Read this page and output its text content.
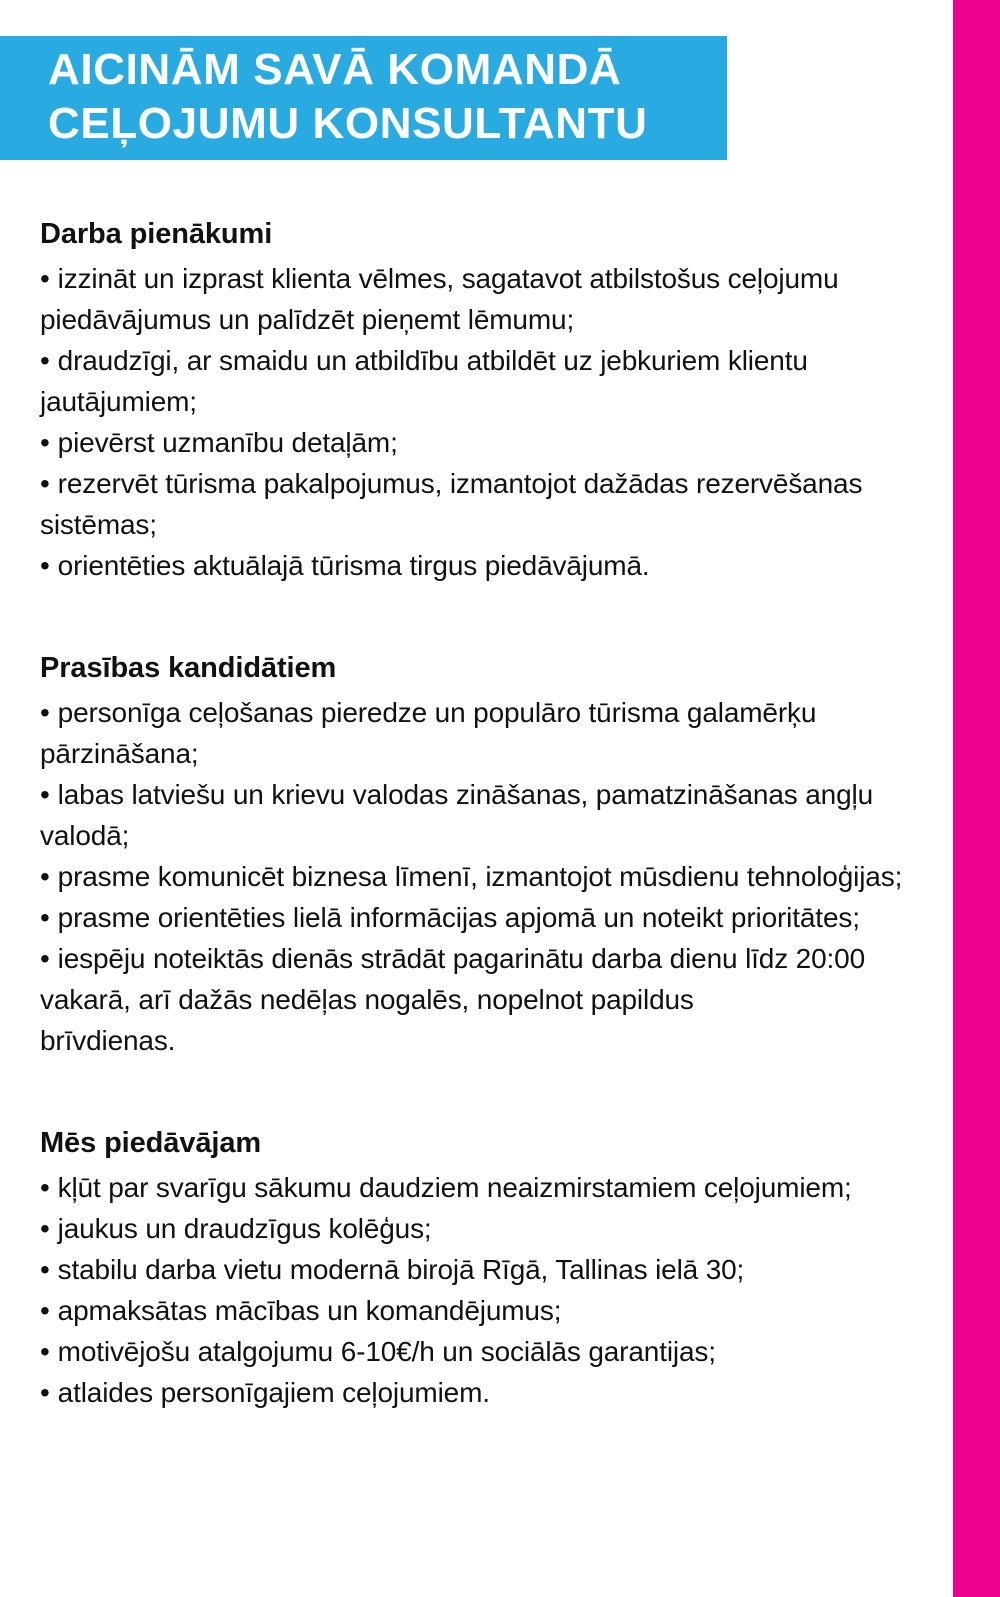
AICINĀM SAVĀ KOMANDĀ
CEĻOJUMU KONSULTANTU
Darba pienākumi
• izzināt un izprast klienta vēlmes, sagatavot atbilstošus ceļojumu piedāvājumus un palīdzēt pieņemt lēmumu;
• draudzīgi, ar smaidu un atbildību atbildēt uz jebkuriem klientu jautājumiem;
• pievērst uzmanību detaļām;
• rezervēt tūrisma pakalpojumus, izmantojot dažādas rezervēšanas sistēmas;
• orientēties aktuālajā tūrisma tirgus piedāvājumā.
Prasības kandidātiem
• personīga ceļošanas pieredze un populāro tūrisma galamērķu pārzināšana;
• labas latviešu un krievu valodas zināšanas, pamatzināšanas angļu valodā;
• prasme komunicēt biznesa līmenī, izmantojot mūsdienu tehnoloģijas;
• prasme orientēties lielā informācijas apjomā un noteikt prioritātes;
• iespēju noteiktās dienās strādāt pagarinātu darba dienu līdz 20:00 vakarā, arī dažās nedēļas nogalēs, nopelnot papildus
brīvdienas.
Mēs piedāvājam
• kļūt par svarīgu sākumu daudziem neaizmirstamiem ceļojumiem;
• jaukus un draudzīgus kolēģus;
• stabilu darba vietu modernā birojā Rīgā, Tallinas ielā 30;
• apmaksātas mācības un komandējumus;
• motivējošu atalgojumu 6-10€/h un sociālās garantijas;
• atlaides personīgajiem ceļojumiem.
